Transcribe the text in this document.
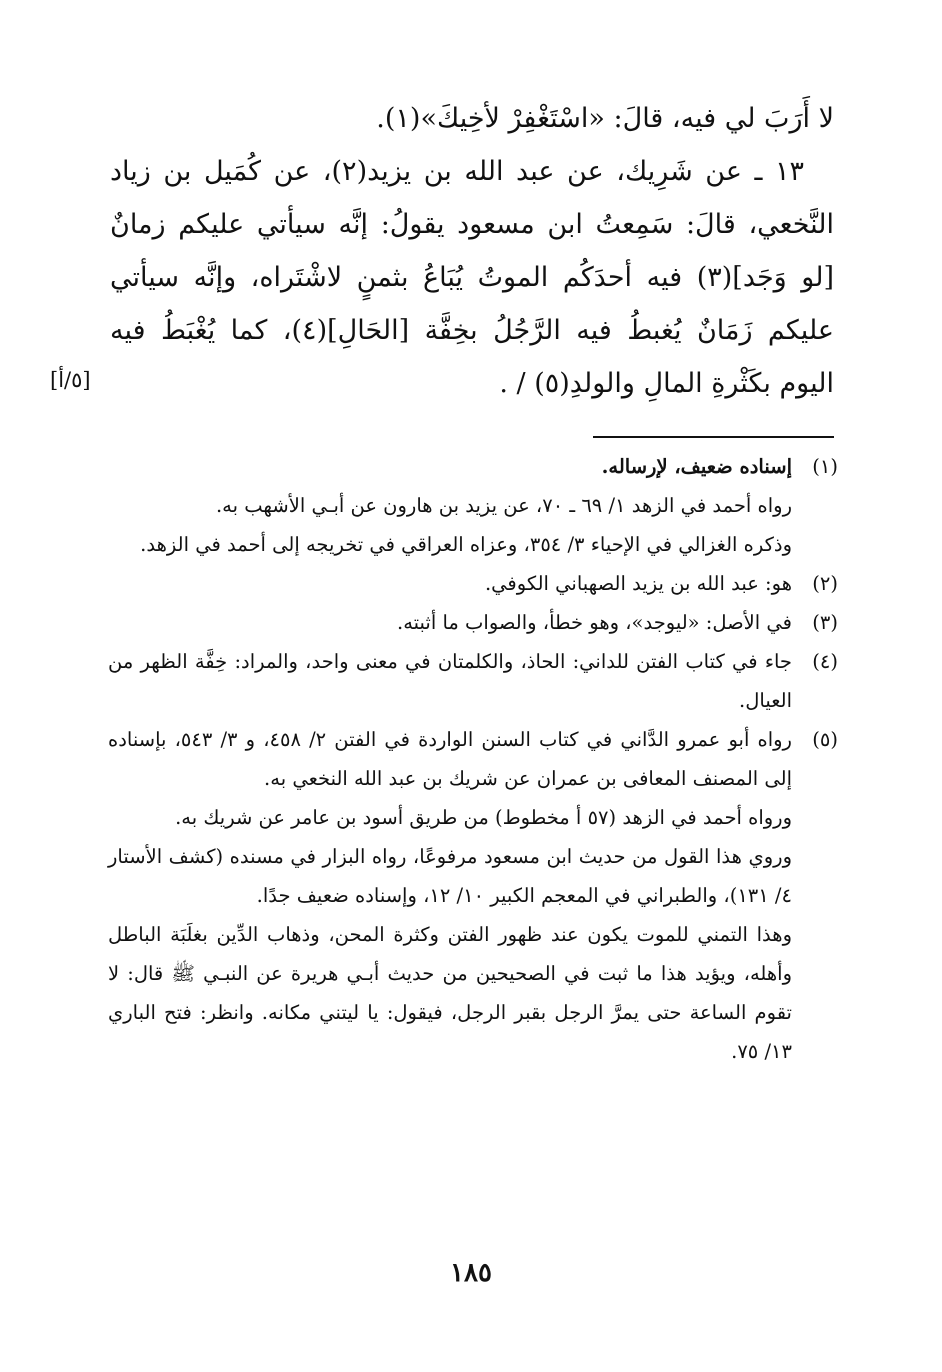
لا أَرَبَ لي فيه، قالَ: «اسْتَغْفِرْ لأخِيكَ»(١).

١٣ ـ عن شَرِيك، عن عبد الله بن يزيد(٢)، عن كُمَيل بن زياد النَّخعي، قالَ: سَمِعتُ ابن مسعود يقولُ: إنَّه سيأتي عليكم زمانٌ [لو وَجَد](٣) فيه أحدَكُم الموتُ يُبَاعُ بثمنٍ لاشْتَراه، وإنَّه سيأتي عليكم زَمَانٌ يُغبطُ فيه الرَّجُلُ بخِفَّة [الحَالِ](٤)، كما يُغْبَطُ فيه اليوم بكَثْرةِ المالِ والولدِ(٥) / .

[٥/أ]
(١)

إسناده ضعيف، لإرساله.

رواه أحمد في الزهد ١/ ٦٩ ـ ٧٠، عن يزيد بن هارون عن أبـي الأشهب به.

وذكره الغزالي في الإحياء ٣/ ٣٥٤، وعزاه العراقي في تخريجه إلى أحمد في الزهد.

(٢)

هو: عبد الله بن يزيد الصهباني الكوفي.

(٣)

في الأصل: «ليوجد»، وهو خطأ، والصواب ما أثبته.

(٤)

جاء في كتاب الفتن للداني: الحاذ، والكلمتان في معنى واحد، والمراد: خِفَّة الظهر من العيال.

(٥)

رواه أبو عمرو الدَّاني في كتاب السنن الواردة في الفتن ٢/ ٤٥٨، و ٣/ ٥٤٣، بإسناده إلى المصنف المعافى بن عمران عن شريك بن عبد الله النخعي به.

ورواه أحمد في الزهد (٥٧ أ مخطوط) من طريق أسود بن عامر عن شريك به.

وروي هذا القول من حديث ابن مسعود مرفوعًا، رواه البزار في مسنده (كشف الأستار ٤/ ١٣١)، والطبراني في المعجم الكبير ١٠/ ١٢، وإسناده ضعيف جدًا.

وهذا التمني للموت يكون عند ظهور الفتن وكثرة المحن، وذهاب الدِّين بغلَبَة الباطل وأهله، ويؤيد هذا ما ثبت في الصحيحين من حديث أبـي هريرة عن النبـي ﷺ قال: لا تقوم الساعة حتى يمرَّ الرجل بقبر الرجل، فيقول: يا ليتني مكانه. وانظر: فتح الباري ١٣/ ٧٥.

١٨٥
